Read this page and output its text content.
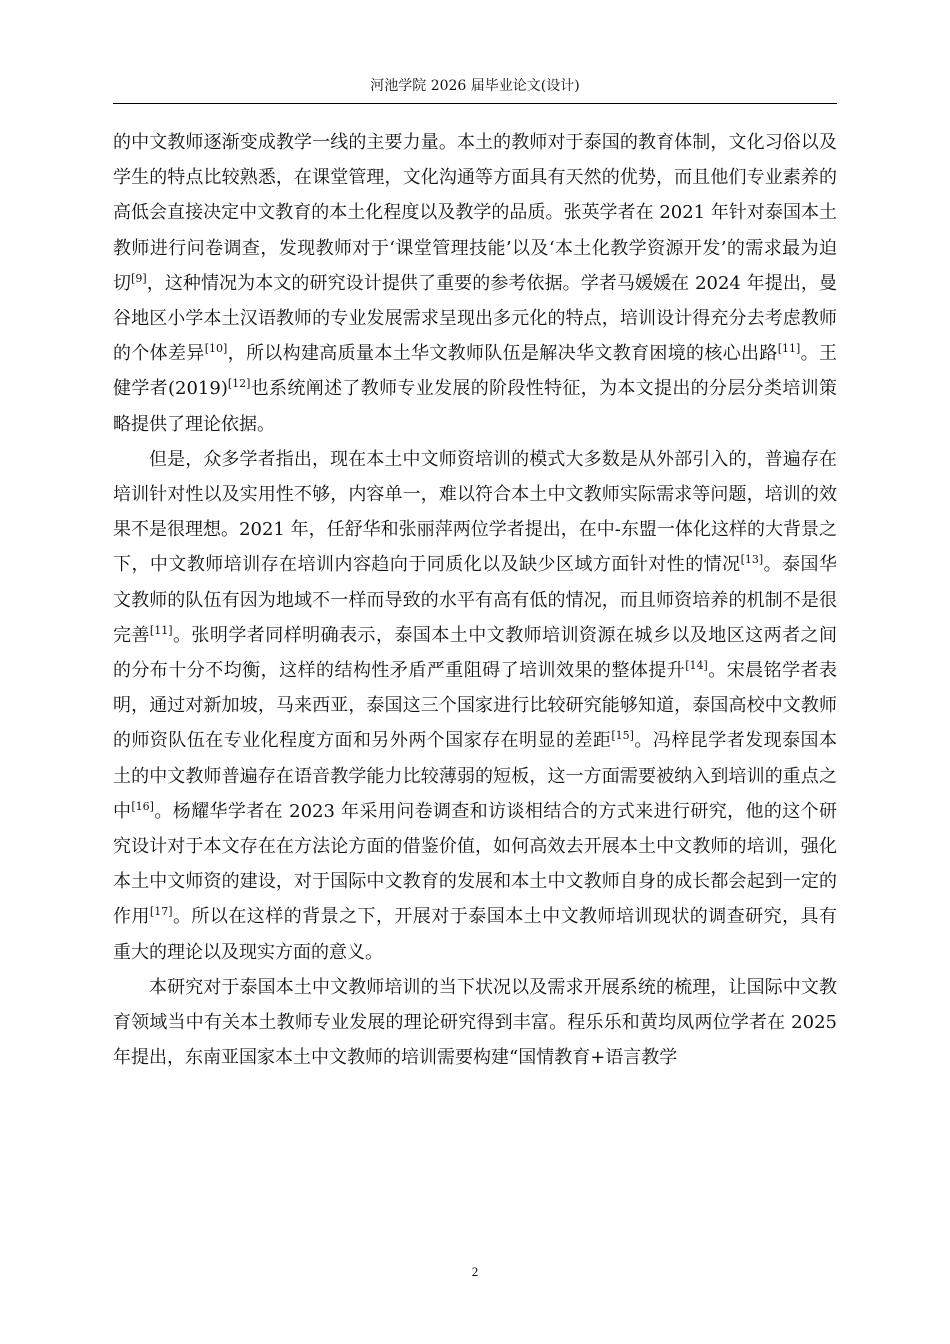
河池学院 2026 届毕业论文(设计)

的中文教师逐渐变成教学一线的主要力量。本土的教师对于泰国的教育体制，文化习俗以及学生的特点比较熟悉，在课堂管理，文化沟通等方面具有天然的优势，而且他们专业素养的高低会直接决定中文教育的本土化程度以及教学的品质。张英学者在 2021 年针对泰国本土教师进行问卷调查，发现教师对于‘课堂管理技能’以及‘本土化教学资源开发’的需求最为迫切[9]，这种情况为本文的研究设计提供了重要的参考依据。学者马媛媛在 2024 年提出，曼谷地区小学本土汉语教师的专业发展需求呈现出多元化的特点，培训设计得充分去考虑教师的个体差异[10]，所以构建高质量本土华文教师队伍是解决华文教育困境的核心出路[11]。王健学者(2019)[12]也系统阐述了教师专业发展的阶段性特征，为本文提出的分层分类培训策略提供了理论依据。

但是，众多学者指出，现在本土中文师资培训的模式大多数是从外部引入的，普遍存在培训针对性以及实用性不够，内容单一，难以符合本土中文教师实际需求等问题，培训的效果不是很理想。2021 年，任舒华和张丽萍两位学者提出，在中-东盟一体化这样的大背景之下，中文教师培训存在培训内容趋向于同质化以及缺少区域方面针对性的情况[13]。泰国华文教师的队伍有因为地域不一样而导致的水平有高有低的情况，而且师资培养的机制不是很完善[11]。张明学者同样明确表示，泰国本土中文教师培训资源在城乡以及地区这两者之间的分布十分不均衡，这样的结构性矛盾严重阻碍了培训效果的整体提升[14]。宋晨铭学者表明，通过对新加坡，马来西亚，泰国这三个国家进行比较研究能够知道，泰国高校中文教师的师资队伍在专业化程度方面和另外两个国家存在明显的差距[15]。冯梓昆学者发现泰国本土的中文教师普遍存在语音教学能力比较薄弱的短板，这一方面需要被纳入到培训的重点之中[16]。杨耀华学者在 2023 年采用问卷调查和访谈相结合的方式来进行研究，他的这个研究设计对于本文存在在方法论方面的借鉴价值，如何高效去开展本土中文教师的培训，强化本土中文师资的建设，对于国际中文教育的发展和本土中文教师自身的成长都会起到一定的作用[17]。所以在这样的背景之下，开展对于泰国本土中文教师培训现状的调查研究，具有重大的理论以及现实方面的意义。

本研究对于泰国本土中文教师培训的当下状况以及需求开展系统的梳理，让国际中文教育领域当中有关本土教师专业发展的理论研究得到丰富。程乐乐和黄均凤两位学者在 2025 年提出，东南亚国家本土中文教师的培训需要构建“国情教育+语言教学

2
